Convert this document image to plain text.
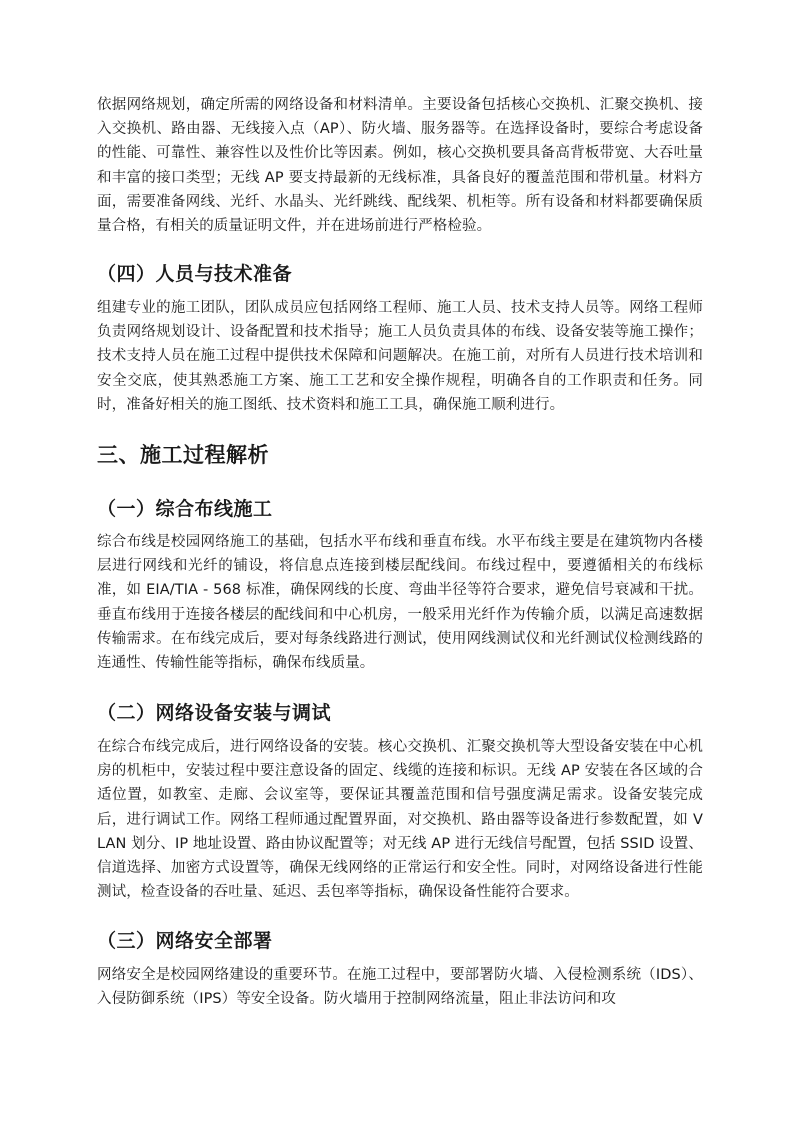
依据网络规划，确定所需的网络设备和材料清单。主要设备包括核心交换机、汇聚交换机、接入交换机、路由器、无线接入点（AP）、防火墙、服务器等。在选择设备时，要综合考虑设备的性能、可靠性、兼容性以及性价比等因素。例如，核心交换机要具备高背板带宽、大吞吐量和丰富的接口类型；无线 AP 要支持最新的无线标准，具备良好的覆盖范围和带机量。材料方面，需要准备网线、光纤、水晶头、光纤跳线、配线架、机柜等。所有设备和材料都要确保质量合格，有相关的质量证明文件，并在进场前进行严格检验。

（四）人员与技术准备

组建专业的施工团队，团队成员应包括网络工程师、施工人员、技术支持人员等。网络工程师负责网络规划设计、设备配置和技术指导；施工人员负责具体的布线、设备安装等施工操作；技术支持人员在施工过程中提供技术保障和问题解决。在施工前，对所有人员进行技术培训和安全交底，使其熟悉施工方案、施工工艺和安全操作规程，明确各自的工作职责和任务。同时，准备好相关的施工图纸、技术资料和施工工具，确保施工顺利进行。

三、施工过程解析
（一）综合布线施工

综合布线是校园网络施工的基础，包括水平布线和垂直布线。水平布线主要是在建筑物内各楼层进行网线和光纤的铺设，将信息点连接到楼层配线间。布线过程中，要遵循相关的布线标准，如 EIA/TIA - 568 标准，确保网线的长度、弯曲半径等符合要求，避免信号衰减和干扰。垂直布线用于连接各楼层的配线间和中心机房，一般采用光纤作为传输介质，以满足高速数据传输需求。在布线完成后，要对每条线路进行测试，使用网线测试仪和光纤测试仪检测线路的连通性、传输性能等指标，确保布线质量。

（二）网络设备安装与调试

在综合布线完成后，进行网络设备的安装。核心交换机、汇聚交换机等大型设备安装在中心机房的机柜中，安装过程中要注意设备的固定、线缆的连接和标识。无线 AP 安装在各区域的合适位置，如教室、走廊、会议室等，要保证其覆盖范围和信号强度满足需求。设备安装完成后，进行调试工作。网络工程师通过配置界面，对交换机、路由器等设备进行参数配置，如 VLAN 划分、IP 地址设置、路由协议配置等；对无线 AP 进行无线信号配置，包括 SSID 设置、信道选择、加密方式设置等，确保无线网络的正常运行和安全性。同时，对网络设备进行性能测试，检查设备的吞吐量、延迟、丢包率等指标，确保设备性能符合要求。

（三）网络安全部署

网络安全是校园网络建设的重要环节。在施工过程中，要部署防火墙、入侵检测系统（IDS）、入侵防御系统（IPS）等安全设备。防火墙用于控制网络流量，阻止非法访问和攻
